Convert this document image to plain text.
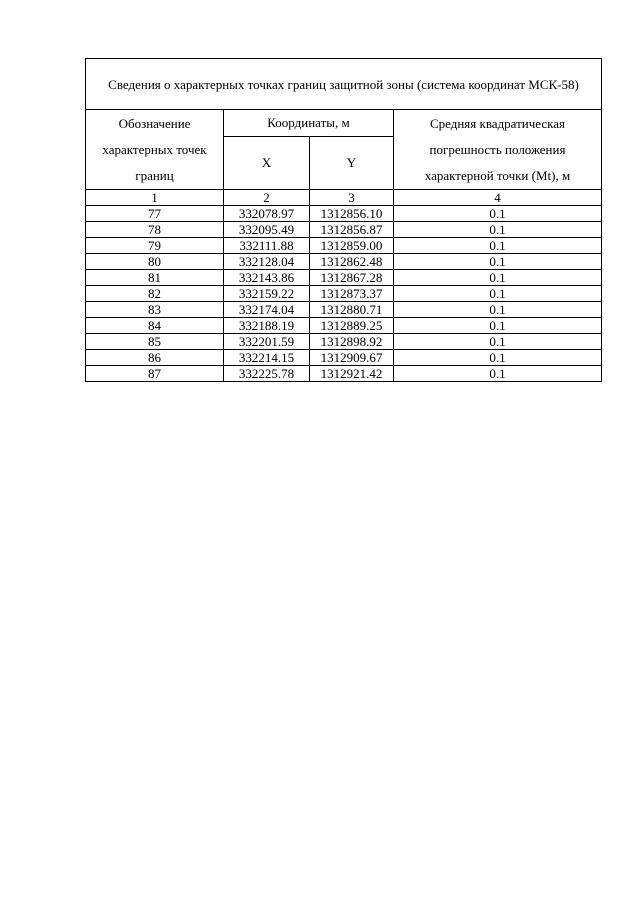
Сведения о характерных точках границ защитной зоны (система координат МСК-58)			
Обозначение характерных точек границ	Координаты, м		Средняя квадратическая погрешность положения характерной точки (Mt), м
	X	Y	
1	2	3	4
77	332078.97	1312856.10	0.1
78	332095.49	1312856.87	0.1
79	332111.88	1312859.00	0.1
80	332128.04	1312862.48	0.1
81	332143.86	1312867.28	0.1
82	332159.22	1312873.37	0.1
83	332174.04	1312880.71	0.1
84	332188.19	1312889.25	0.1
85	332201.59	1312898.92	0.1
86	332214.15	1312909.67	0.1
87	332225.78	1312921.42	0.1
